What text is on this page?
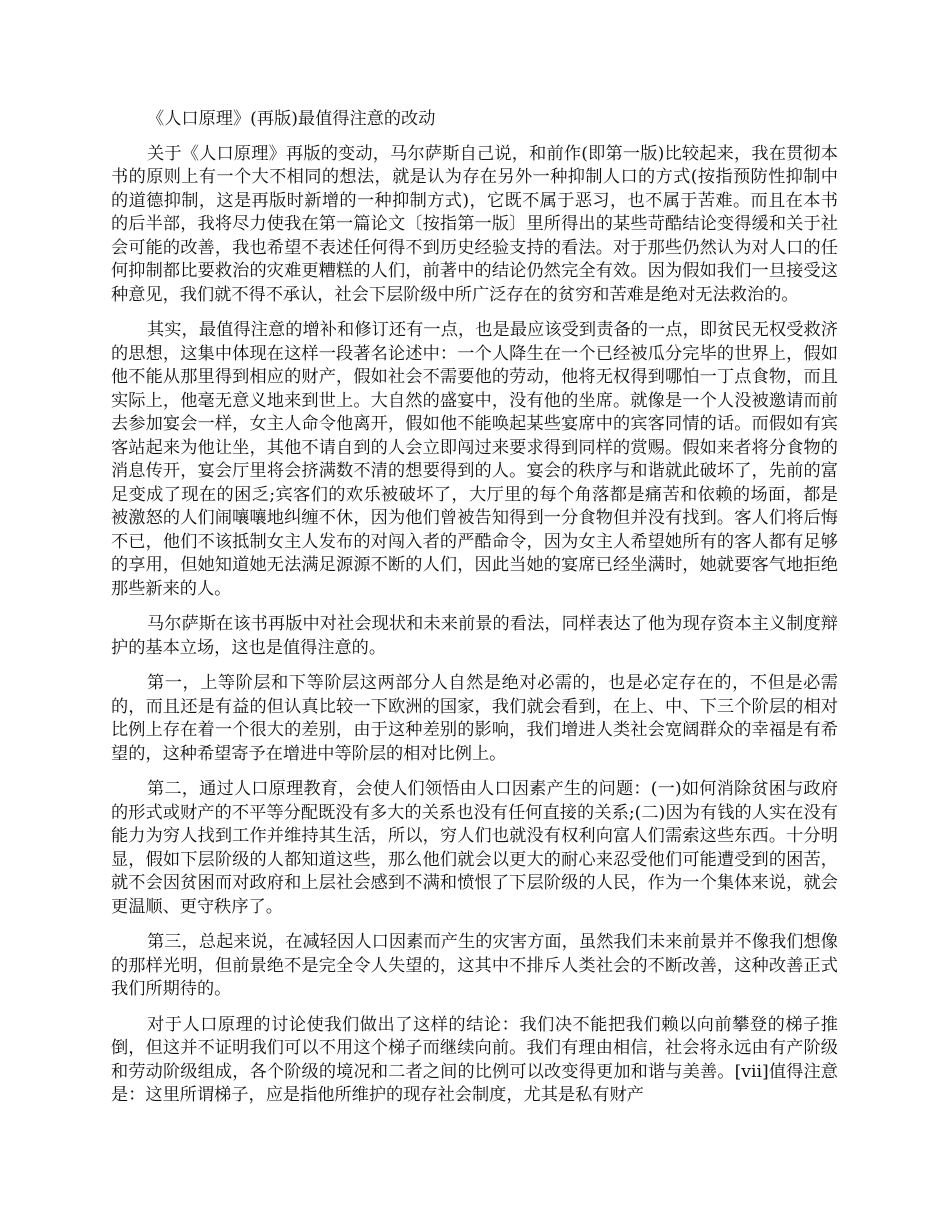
《人口原理》(再版)最值得注意的改动

关于《人口原理》再版的变动，马尔萨斯自己说，和前作(即第一版)比较起来，我在贯彻本书的原则上有一个大不相同的想法，就是认为存在另外一种抑制人口的方式(按指预防性抑制中的道德抑制，这是再版时新增的一种抑制方式)，它既不属于恶习，也不属于苦难。而且在本书的后半部，我将尽力使我在第一篇论文〔按指第一版〕里所得出的某些苛酷结论变得缓和关于社会可能的改善，我也希望不表述任何得不到历史经验支持的看法。对于那些仍然认为对人口的任何抑制都比要救治的灾难更糟糕的人们，前著中的结论仍然完全有效。因为假如我们一旦接受这种意见，我们就不得不承认，社会下层阶级中所广泛存在的贫穷和苦难是绝对无法救治的。

其实，最值得注意的增补和修订还有一点，也是最应该受到责备的一点，即贫民无权受救济的思想，这集中体现在这样一段著名论述中：一个人降生在一个已经被瓜分完毕的世界上，假如他不能从那里得到相应的财产，假如社会不需要他的劳动，他将无权得到哪怕一丁点食物，而且实际上，他毫无意义地来到世上。大自然的盛宴中，没有他的坐席。就像是一个人没被邀请而前去参加宴会一样，女主人命令他离开，假如他不能唤起某些宴席中的宾客同情的话。而假如有宾客站起来为他让坐，其他不请自到的人会立即闯过来要求得到同样的赏赐。假如来者将分食物的消息传开，宴会厅里将会挤满数不清的想要得到的人。宴会的秩序与和谐就此破坏了，先前的富足变成了现在的困乏;宾客们的欢乐被破坏了，大厅里的每个角落都是痛苦和依赖的场面，都是被激怒的人们闹嚷嚷地纠缠不休，因为他们曾被告知得到一分食物但并没有找到。客人们将后悔不已，他们不该抵制女主人发布的对闯入者的严酷命令，因为女主人希望她所有的客人都有足够的享用，但她知道她无法满足源源不断的人们，因此当她的宴席已经坐满时，她就要客气地拒绝那些新来的人。

马尔萨斯在该书再版中对社会现状和未来前景的看法，同样表达了他为现存资本主义制度辩护的基本立场，这也是值得注意的。

第一，上等阶层和下等阶层这两部分人自然是绝对必需的，也是必定存在的，不但是必需的，而且还是有益的但认真比较一下欧洲的国家，我们就会看到，在上、中、下三个阶层的相对比例上存在着一个很大的差别，由于这种差别的影响，我们增进人类社会宽阔群众的幸福是有希望的，这种希望寄予在增进中等阶层的相对比例上。

第二，通过人口原理教育，会使人们领悟由人口因素产生的问题：(一)如何消除贫困与政府的形式或财产的不平等分配既没有多大的关系也没有任何直接的关系;(二)因为有钱的人实在没有能力为穷人找到工作并维持其生活，所以，穷人们也就没有权利向富人们需索这些东西。十分明显，假如下层阶级的人都知道这些，那么他们就会以更大的耐心来忍受他们可能遭受到的困苦，就不会因贫困而对政府和上层社会感到不满和愤恨了下层阶级的人民，作为一个集体来说，就会更温顺、更守秩序了。

第三，总起来说，在减轻因人口因素而产生的灾害方面，虽然我们未来前景并不像我们想像的那样光明，但前景绝不是完全令人失望的，这其中不排斥人类社会的不断改善，这种改善正式我们所期待的。

对于人口原理的讨论使我们做出了这样的结论：我们决不能把我们赖以向前攀登的梯子推倒，但这并不证明我们可以不用这个梯子而继续向前。我们有理由相信，社会将永远由有产阶级和劳动阶级组成，各个阶级的境况和二者之间的比例可以改变得更加和谐与美善。[vii]值得注意是：这里所谓梯子，应是指他所维护的现存社会制度，尤其是私有财产
